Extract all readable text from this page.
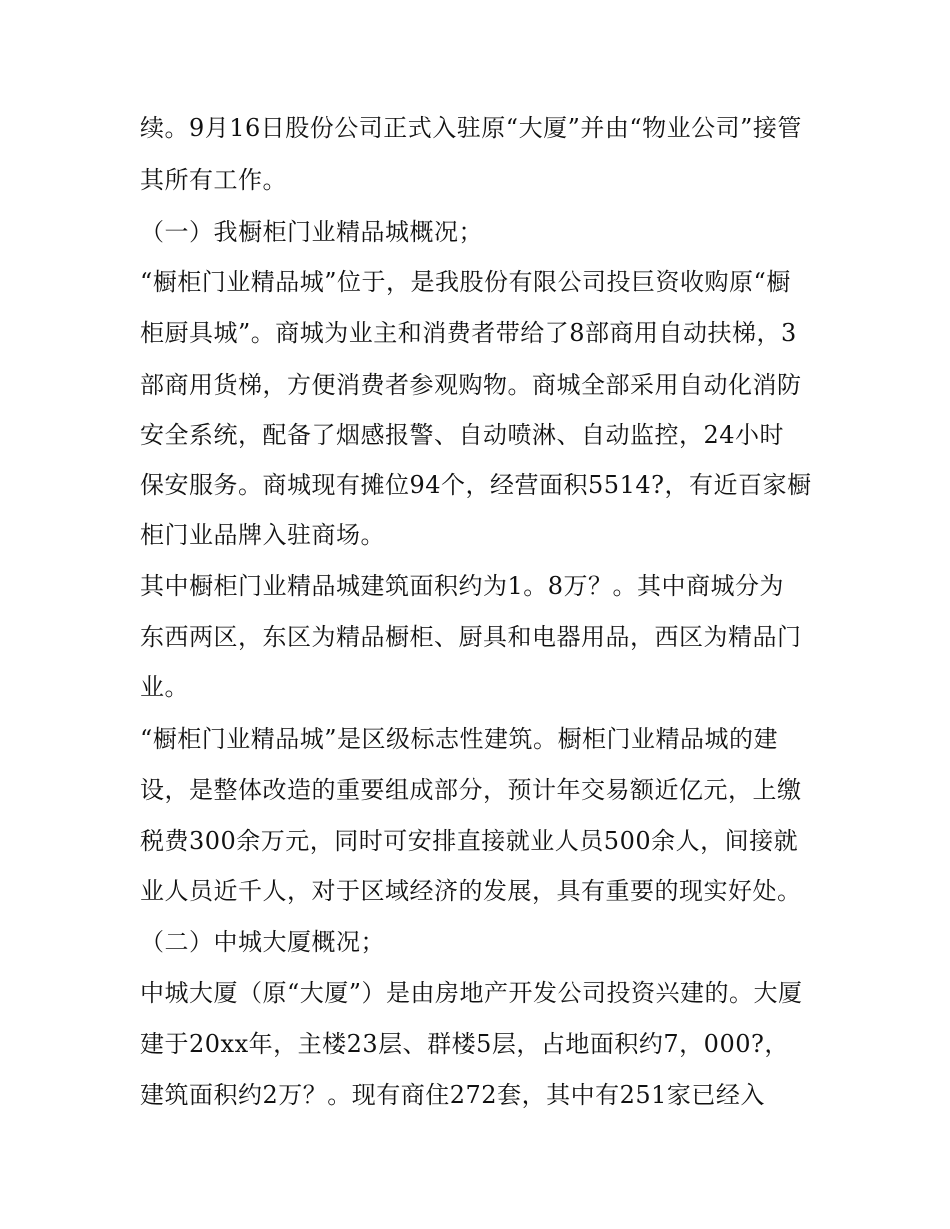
续。9月16日股份公司正式入驻原“大厦”并由“物业公司”接管
其所有工作。
（一）我橱柜门业精品城概况；
“橱柜门业精品城”位于，是我股份有限公司投巨资收购原“橱
柜厨具城”。商城为业主和消费者带给了8部商用自动扶梯，3
部商用货梯，方便消费者参观购物。商城全部采用自动化消防
安全系统，配备了烟感报警、自动喷淋、自动监控，24小时
保安服务。商城现有摊位94个，经营面积5514?，有近百家橱
柜门业品牌入驻商场。
其中橱柜门业精品城建筑面积约为1。8万？。其中商城分为
东西两区，东区为精品橱柜、厨具和电器用品，西区为精品门
业。
“橱柜门业精品城”是区级标志性建筑。橱柜门业精品城的建
设，是整体改造的重要组成部分，预计年交易额近亿元，上缴
税费300余万元，同时可安排直接就业人员500余人，间接就
业人员近千人，对于区域经济的发展，具有重要的现实好处。
（二）中城大厦概况；
中城大厦（原“大厦”）是由房地产开发公司投资兴建的。大厦
建于20xx年，主楼23层、群楼5层，占地面积约7，000?，
建筑面积约2万？。现有商住272套，其中有251家已经入
